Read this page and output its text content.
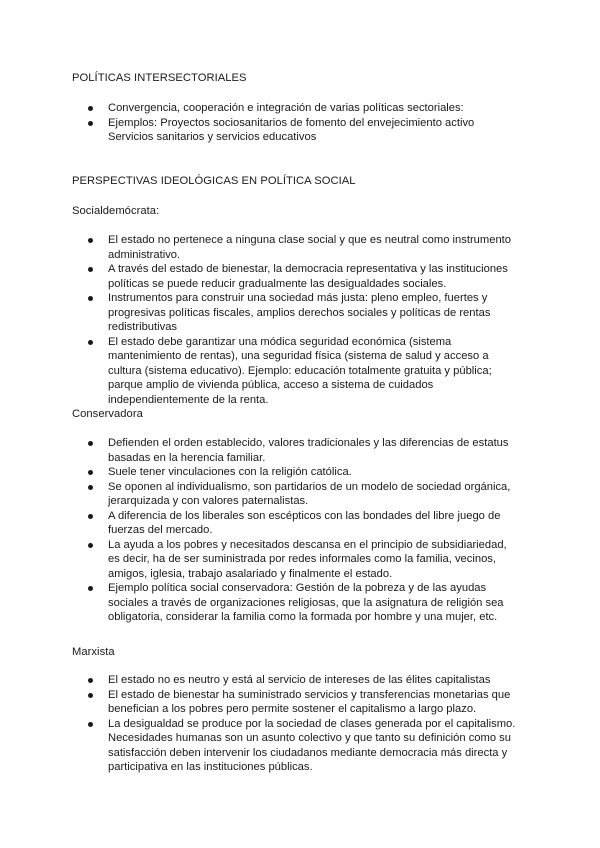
POLÍTICAS INTERSECTORIALES
Convergencia, cooperación e integración de varias políticas sectoriales:
Ejemplos: Proyectos sociosanitarios de fomento del envejecimiento activo
Servicios sanitarios y servicios educativos
PERSPECTIVAS IDEOLÓGICAS EN POLÍTICA SOCIAL
Socialdemócrata:
El estado no pertenece a ninguna clase social y que es neutral como instrumento administrativo.
A través del estado de bienestar, la democracia representativa y las instituciones políticas se puede reducir gradualmente las desigualdades sociales.
Instrumentos para construir una sociedad más justa: pleno empleo, fuertes y progresivas políticas fiscales, amplios derechos sociales y políticas de rentas redistributivas
El estado debe garantizar una módica seguridad económica (sistema mantenimiento de rentas), una seguridad física (sistema de salud y acceso a cultura (sistema educativo). Ejemplo: educación totalmente gratuita y pública; parque amplio de vivienda pública, acceso a sistema de cuidados independientemente de la renta.
Conservadora
Defienden el orden establecido, valores tradicionales y las diferencias de estatus basadas en la herencia familiar.
Suele tener vinculaciones con la religión católica.
Se oponen al individualismo, son partidarios de un modelo de sociedad orgánica, jerarquizada y con valores paternalistas.
A diferencia de los liberales son escépticos con las bondades del libre juego de fuerzas del mercado.
La ayuda a los pobres y necesitados descansa en el principio de subsidiariedad, es decir, ha de ser suministrada por redes informales como la familia, vecinos, amigos, iglesia, trabajo asalariado y finalmente el estado.
Ejemplo política social conservadora: Gestión de la pobreza y de las ayudas sociales a través de organizaciones religiosas, que la asignatura de religión sea obligatoria, considerar la familia como la formada por hombre y una mujer, etc.
Marxista
El estado no es neutro y está al servicio de intereses de las élites capitalistas
El estado de bienestar ha suministrado servicios y transferencias monetarias que benefician a los pobres pero permite sostener el capitalismo a largo plazo.
La desigualdad se produce por la sociedad de clases generada por el capitalismo. Necesidades humanas son un asunto colectivo y que tanto su definición como su satisfacción deben intervenir los ciudadanos mediante democracia más directa y participativa en las instituciones públicas.
